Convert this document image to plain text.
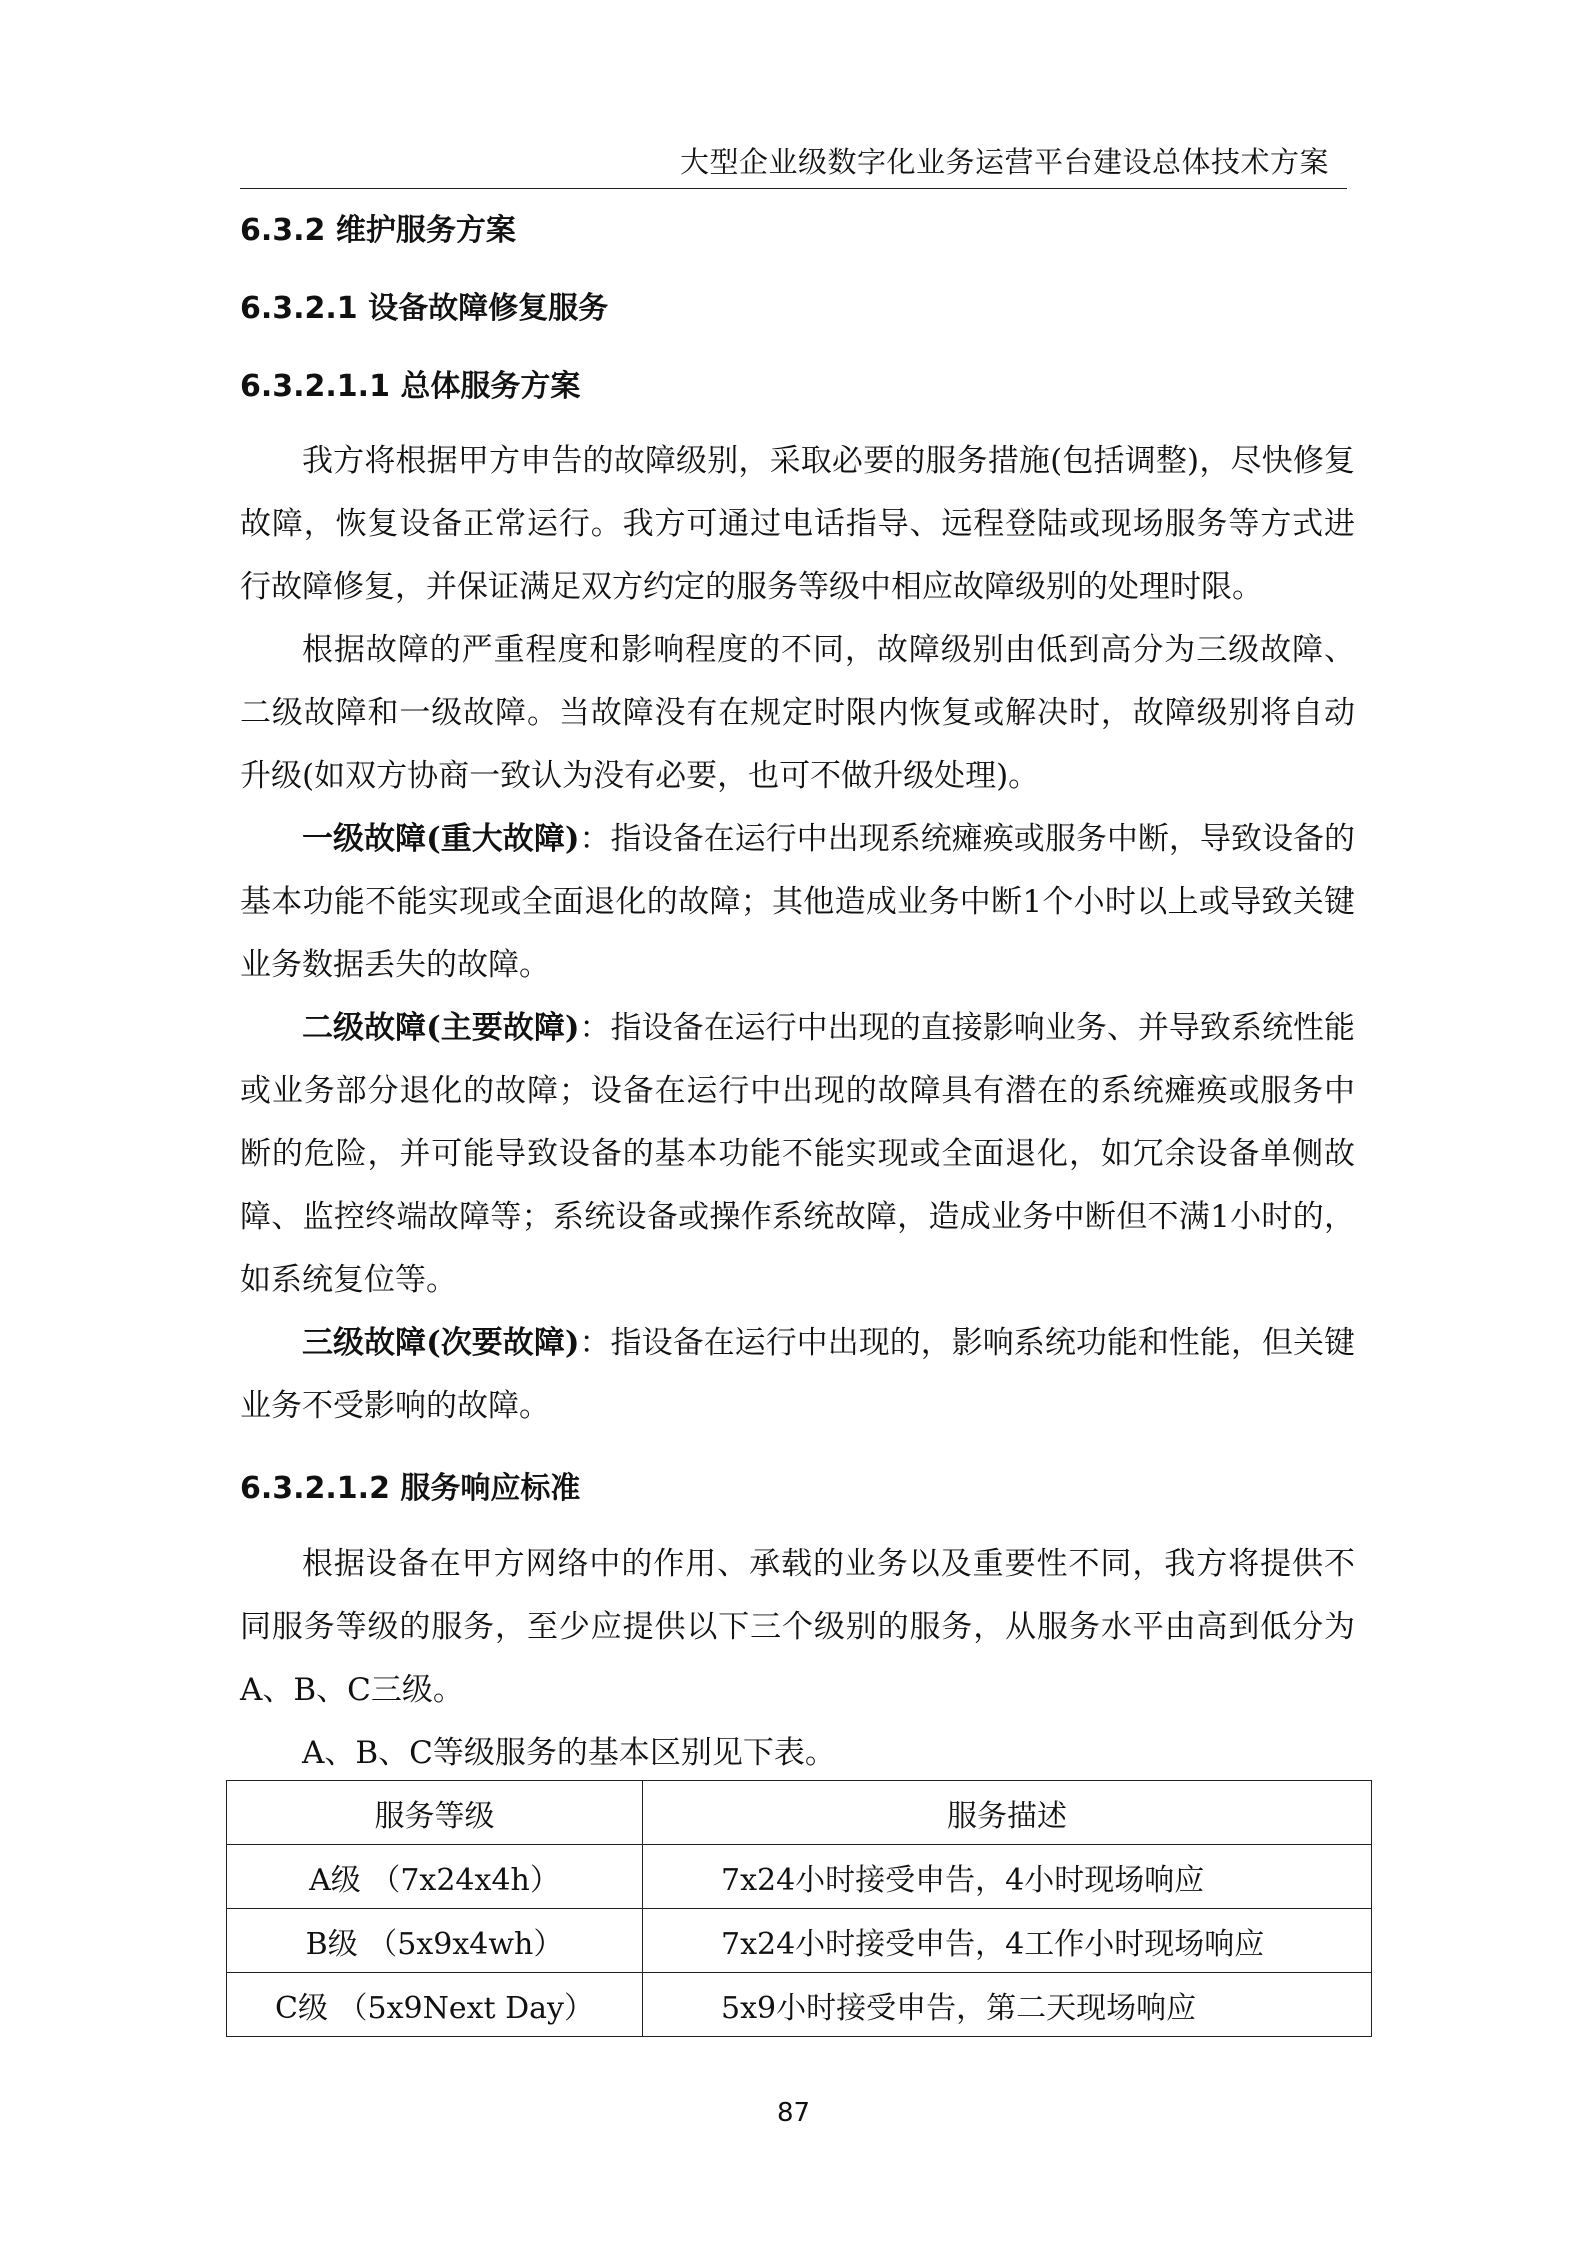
大型企业级数字化业务运营平台建设总体技术方案
6.3.2 维护服务方案
6.3.2.1 设备故障修复服务
6.3.2.1.1 总体服务方案
我方将根据甲方申告的故障级别，采取必要的服务措施(包括调整)，尽快修复故障，恢复设备正常运行。我方可通过电话指导、远程登陆或现场服务等方式进行故障修复，并保证满足双方约定的服务等级中相应故障级别的处理时限。
根据故障的严重程度和影响程度的不同，故障级别由低到高分为三级故障、二级故障和一级故障。当故障没有在规定时限内恢复或解决时，故障级别将自动升级(如双方协商一致认为没有必要，也可不做升级处理)。
一级故障(重大故障)：指设备在运行中出现系统瘫痪或服务中断，导致设备的基本功能不能实现或全面退化的故障；其他造成业务中断1个小时以上或导致关键业务数据丢失的故障。
二级故障(主要故障)：指设备在运行中出现的直接影响业务、并导致系统性能或业务部分退化的故障；设备在运行中出现的故障具有潜在的系统瘫痪或服务中断的危险，并可能导致设备的基本功能不能实现或全面退化，如冗余设备单侧故障、监控终端故障等；系统设备或操作系统故障，造成业务中断但不满1小时的，如系统复位等。
三级故障(次要故障)：指设备在运行中出现的，影响系统功能和性能，但关键业务不受影响的故障。
6.3.2.1.2 服务响应标准
根据设备在甲方网络中的作用、承载的业务以及重要性不同，我方将提供不同服务等级的服务，至少应提供以下三个级别的服务，从服务水平由高到低分为A、B、C三级。
A、B、C等级服务的基本区别见下表。
服务等级	服务描述
A级 （7x24x4h）	7x24小时接受申告，4小时现场响应
B级 （5x9x4wh）	7x24小时接受申告，4工作小时现场响应
C级 （5x9Next Day）	5x9小时接受申告，第二天现场响应
87
